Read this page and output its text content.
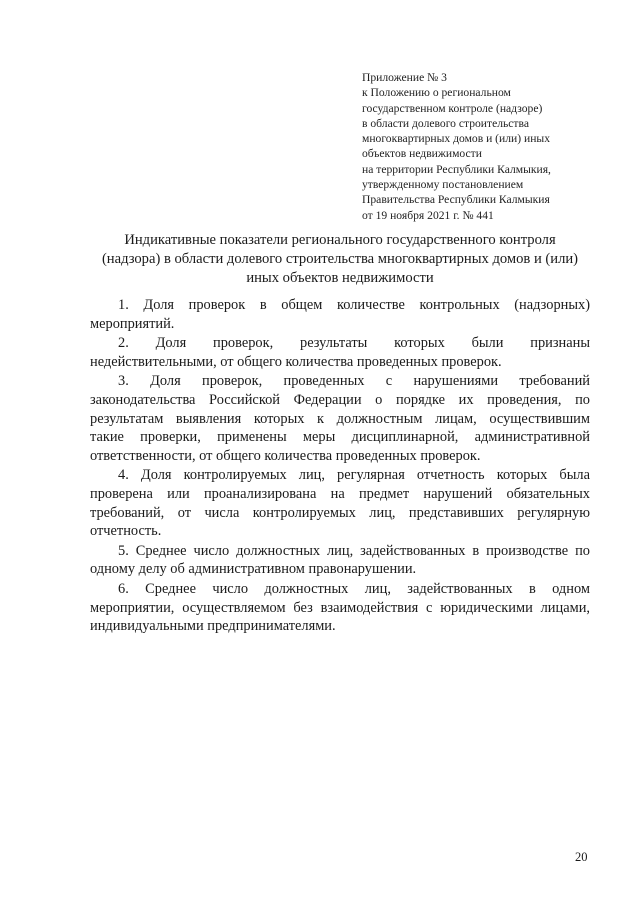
Приложение № 3
к Положению о региональном
государственном контроле (надзоре)
в области долевого строительства
многоквартирных домов и (или) иных
объектов недвижимости
на территории Республики Калмыкия,
утвержденному постановлением
Правительства Республики Калмыкия
от 19 ноября 2021 г. № 441
Индикативные показатели регионального государственного контроля
(надзора) в области долевого строительства многоквартирных домов и (или)
иных объектов недвижимости
1. Доля проверок в общем количестве контрольных (надзорных)
мероприятий.
2. Доля проверок, результаты которых были признаны
недействительными, от общего количества проведенных проверок.
3. Доля проверок, проведенных с нарушениями требований
законодательства Российской Федерации о порядке их проведения, по
результатам выявления которых к должностным лицам, осуществившим
такие проверки, применены меры дисциплинарной, административной
ответственности, от общего количества проведенных проверок.
4. Доля контролируемых лиц, регулярная отчетность которых была
проверена или проанализирована на предмет нарушений обязательных
требований, от числа контролируемых лиц, представивших регулярную
отчетность.
5. Среднее число должностных лиц, задействованных в производстве по
одному делу об административном правонарушении.
6. Среднее число должностных лиц, задействованных в одном
мероприятии, осуществляемом без взаимодействия с юридическими лицами,
индивидуальными предпринимателями.
20
